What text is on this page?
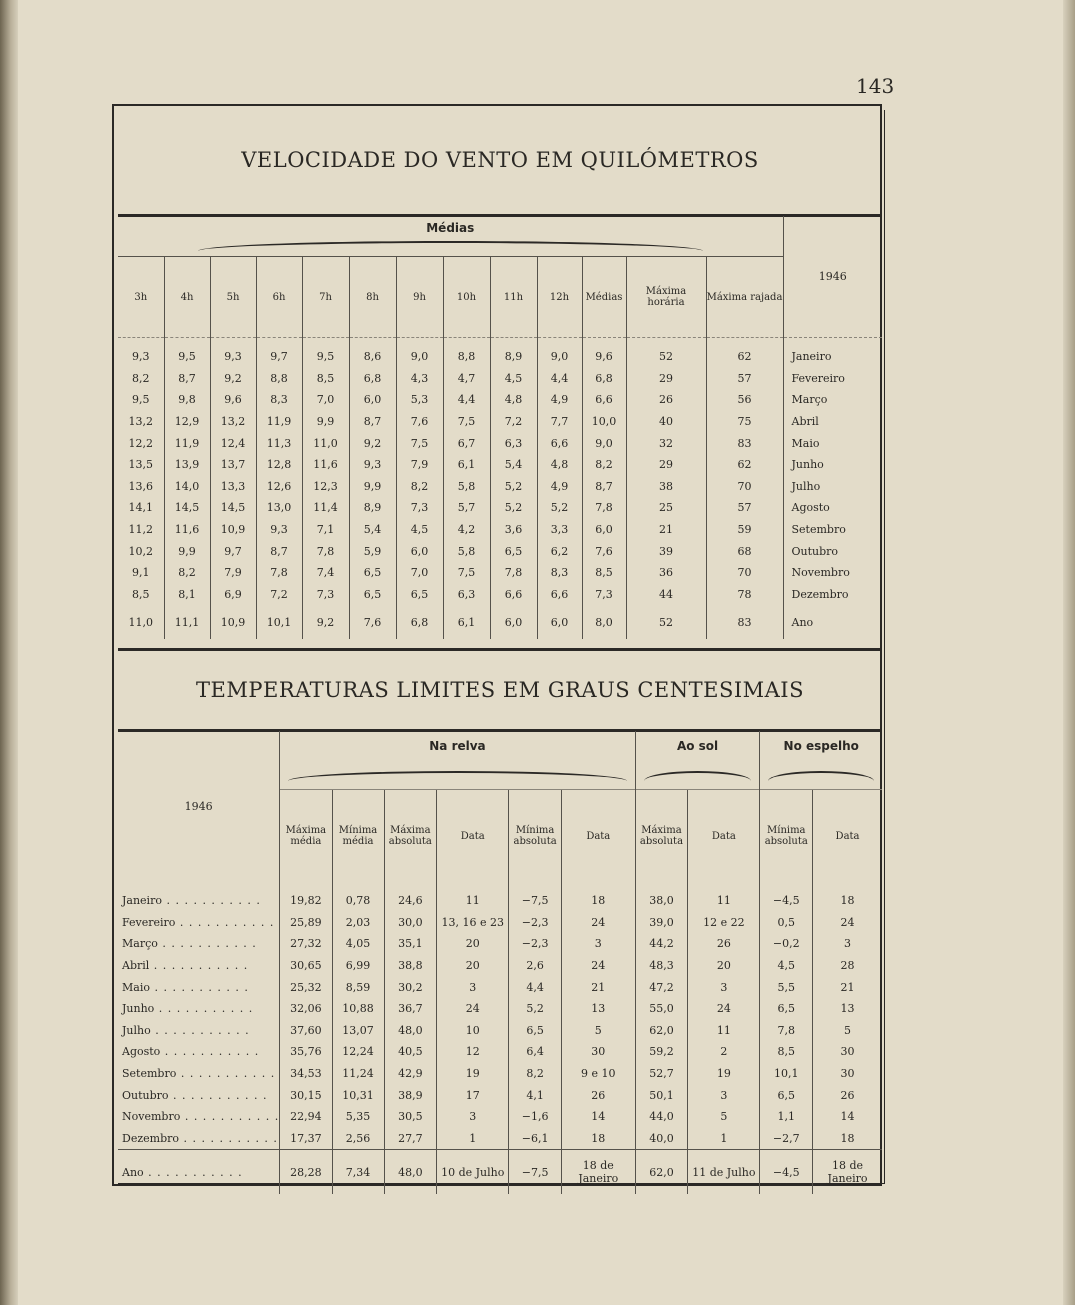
143
VELOCIDADE DO VENTO EM QUILÓMETROS
Médias													1946
3h	4h	5h	6h	7h	8h	9h	10h	11h	12h	Médias	Máxima horária	Máxima rajada	

9,3	9,5	9,3	9,7	9,5	8,6	9,0	8,8	8,9	9,0	9,6	52	62	Janeiro
8,2	8,7	9,2	8,8	8,5	6,8	4,3	4,7	4,5	4,4	6,8	29	57	Fevereiro
9,5	9,8	9,6	8,3	7,0	6,0	5,3	4,4	4,8	4,9	6,6	26	56	Março
13,2	12,9	13,2	11,9	9,9	8,7	7,6	7,5	7,2	7,7	10,0	40	75	Abril
12,2	11,9	12,4	11,3	11,0	9,2	7,5	6,7	6,3	6,6	9,0	32	83	Maio
13,5	13,9	13,7	12,8	11,6	9,3	7,9	6,1	5,4	4,8	8,2	29	62	Junho
13,6	14,0	13,3	12,6	12,3	9,9	8,2	5,8	5,2	4,9	8,7	38	70	Julho
14,1	14,5	14,5	13,0	11,4	8,9	7,3	5,7	5,2	5,2	7,8	25	57	Agosto
11,2	11,6	10,9	9,3	7,1	5,4	4,5	4,2	3,6	3,3	6,0	21	59	Setembro
10,2	9,9	9,7	8,7	7,8	5,9	6,0	5,8	6,5	6,2	7,6	39	68	Outubro
9,1	8,2	7,9	7,8	7,4	6,5	7,0	7,5	7,8	8,3	8,5	36	70	Novembro
8,5	8,1	6,9	7,2	7,3	6,5	6,5	6,3	6,6	6,6	7,3	44	78	Dezembro
11,0	11,1	10,9	10,1	9,2	7,6	6,8	6,1	6,0	6,0	8,0	52	83	Ano
TEMPERATURAS LIMITES EM GRAUS CENTESIMAIS
1946	Na relva						Ao sol		No espelho	

	Máxima média	Mínima média	Máxima absoluta	Data	Mínima absoluta	Data	Máxima absoluta	Data	Mínima absoluta	Data

Janeiro . . .	19,82	0,78	24,6	11	−7,5	18	38,0	11	−4,5	18
Fevereiro . . .	25,89	2,03	30,0	13, 16 e 23	−2,3	24	39,0	12 e 22	0,5	24
Março . . .	27,32	4,05	35,1	20	−2,3	3	44,2	26	−0,2	3
Abril . . .	30,65	6,99	38,8	20	2,6	24	48,3	20	4,5	28
Maio . . .	25,32	8,59	30,2	3	4,4	21	47,2	3	5,5	21
Junho . . .	32,06	10,88	36,7	24	5,2	13	55,0	24	6,5	13
Julho . . .	37,60	13,07	48,0	10	6,5	5	62,0	11	7,8	5
Agosto . . .	35,76	12,24	40,5	12	6,4	30	59,2	2	8,5	30
Setembro . . .	34,53	11,24	42,9	19	8,2	9 e 10	52,7	19	10,1	30
Outubro . . .	30,15	10,31	38,9	17	4,1	26	50,1	3	6,5	26
Novembro . . .	22,94	5,35	30,5	3	−1,6	14	44,0	5	1,1	14
Dezembro . . .	17,37	2,56	27,7	1	−6,1	18	40,0	1	−2,7	18
Ano . . .	28,28	7,34	48,0	10 de Julho	−7,5	18 de Janeiro	62,0	11 de Julho	−4,5	18 de Janeiro
